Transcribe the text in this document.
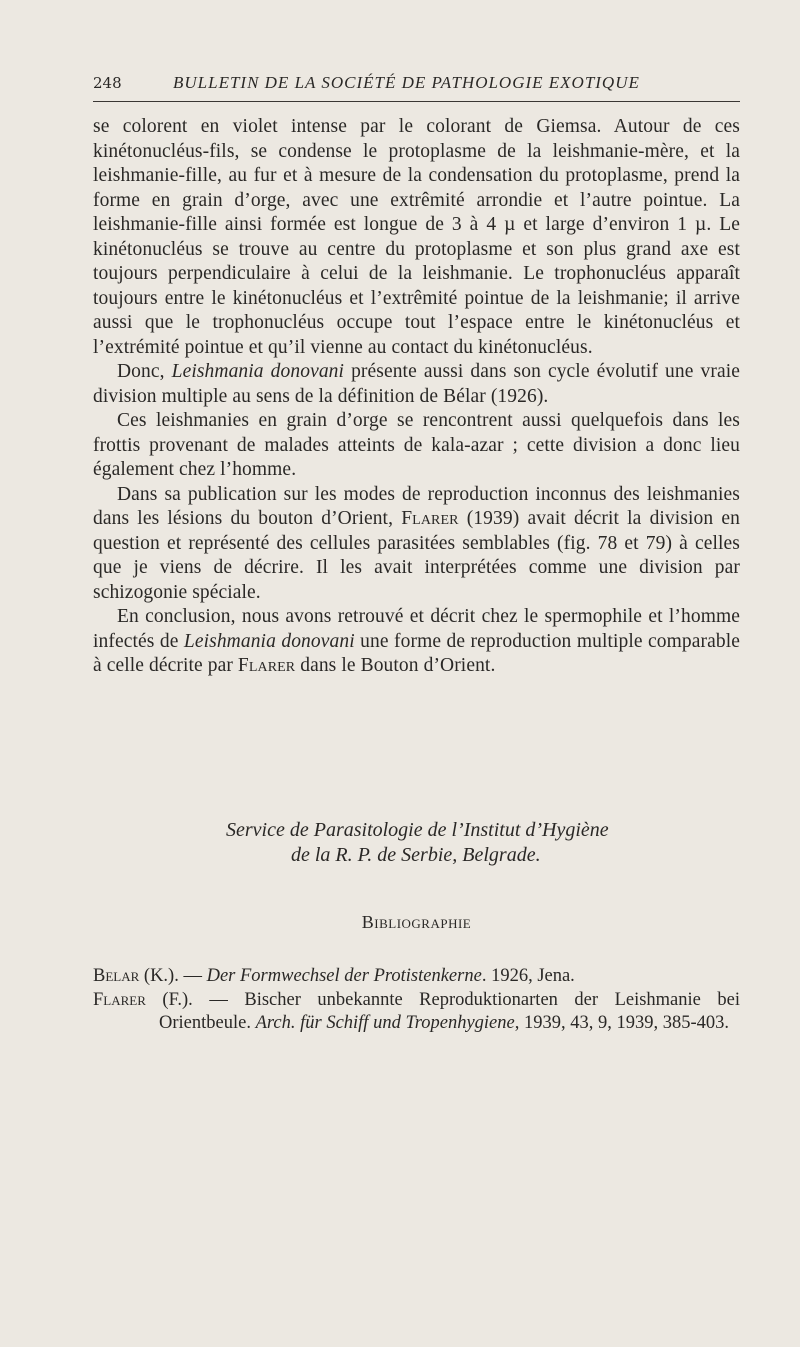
248	BULLETIN DE LA SOCIÉTÉ DE PATHOLOGIE EXOTIQUE

se colorent en violet intense par le colorant de Giemsa. Autour de ces kinétonucléus-fils, se condense le protoplasme de la leishmanie-mère, et la leishmanie-fille, au fur et à mesure de la condensation du protoplasme, prend la forme en grain d’orge, avec une extrêmité arrondie et l’autre pointue. La leishmanie-fille ainsi formée est longue de 3 à 4 µ et large d’environ 1 µ. Le kinétonucléus se trouve au centre du protoplasme et son plus grand axe est toujours perpendiculaire à celui de la leishmanie. Le trophonucléus apparaît toujours entre le kinétonucléus et l’extrêmité pointue de la leishmanie; il arrive aussi que le trophonucléus occupe tout l’espace entre le kinétonucléus et l’extrémité pointue et qu’il vienne au contact du kinétonucléus.

Donc, Leishmania donovani présente aussi dans son cycle évolutif une vraie division multiple au sens de la définition de Bélar (1926).

Ces leishmanies en grain d’orge se rencontrent aussi quelquefois dans les frottis provenant de malades atteints de kala-azar ; cette division a donc lieu également chez l’homme.

Dans sa publication sur les modes de reproduction inconnus des leishmanies dans les lésions du bouton d’Orient, Flarer (1939) avait décrit la division en question et représenté des cellules parasitées semblables (fig. 78 et 79) à celles que je viens de décrire. Il les avait interprétées comme une division par schizogonie spéciale.

En conclusion, nous avons retrouvé et décrit chez le spermophile et l’homme infectés de Leishmania donovani une forme de reproduction multiple comparable à celle décrite par Flarer dans le Bouton d’Orient.

Service de Parasitologie de l’Institut d’Hygiène
de la R. P. de Serbie, Belgrade.
Bibliographie

Belar (K.). — Der Formwechsel der Protistenkerne. 1926, Jena.

Flarer (F.). — Bischer unbekannte Reproduktionarten der Leishmanie bei Orientbeule. Arch. für Schiff und Tropenhygiene, 1939, 43, 9, 1939, 385-403.
